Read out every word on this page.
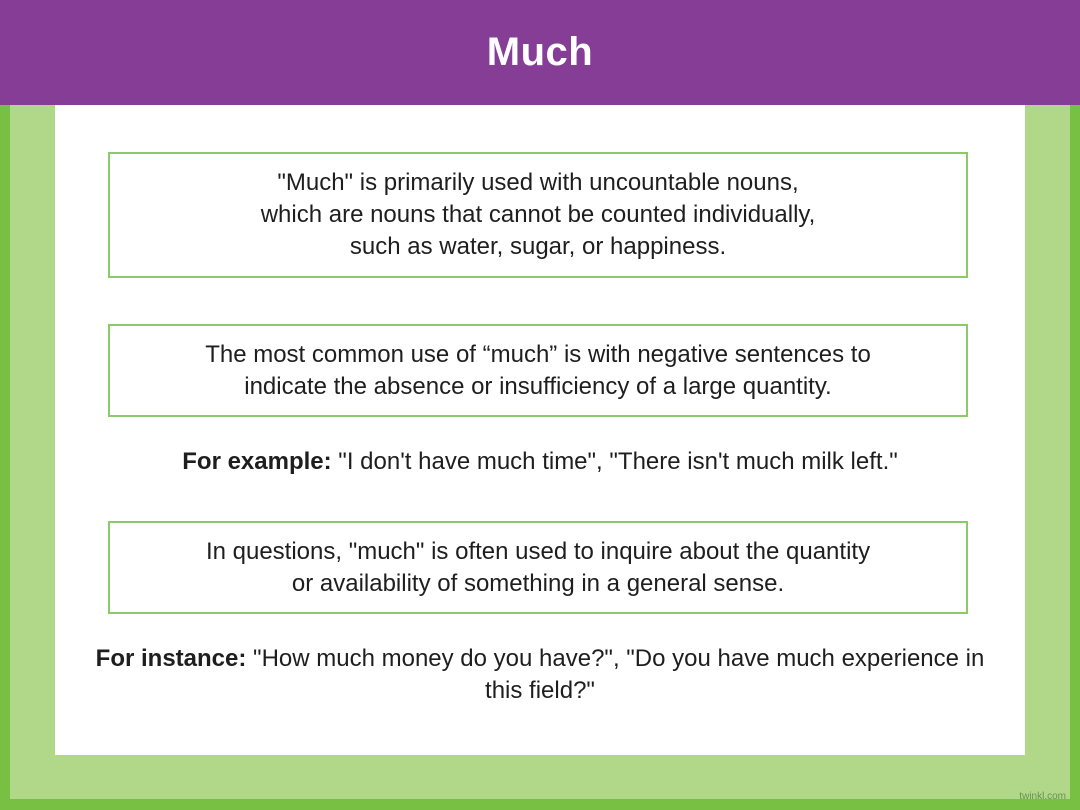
Much
"Much" is primarily used with uncountable nouns,
which are nouns that cannot be counted individually,
such as water, sugar, or happiness.
The most common use of “much” is with negative sentences to
indicate the absence or insufficiency of a large quantity.
For example: "I don't have much time", "There isn't much milk left."
In questions, "much" is often used to inquire about the quantity
or availability of something in a general sense.
For instance: "How much money do you have?", "Do you have much experience in this field?"
twinkl.com
